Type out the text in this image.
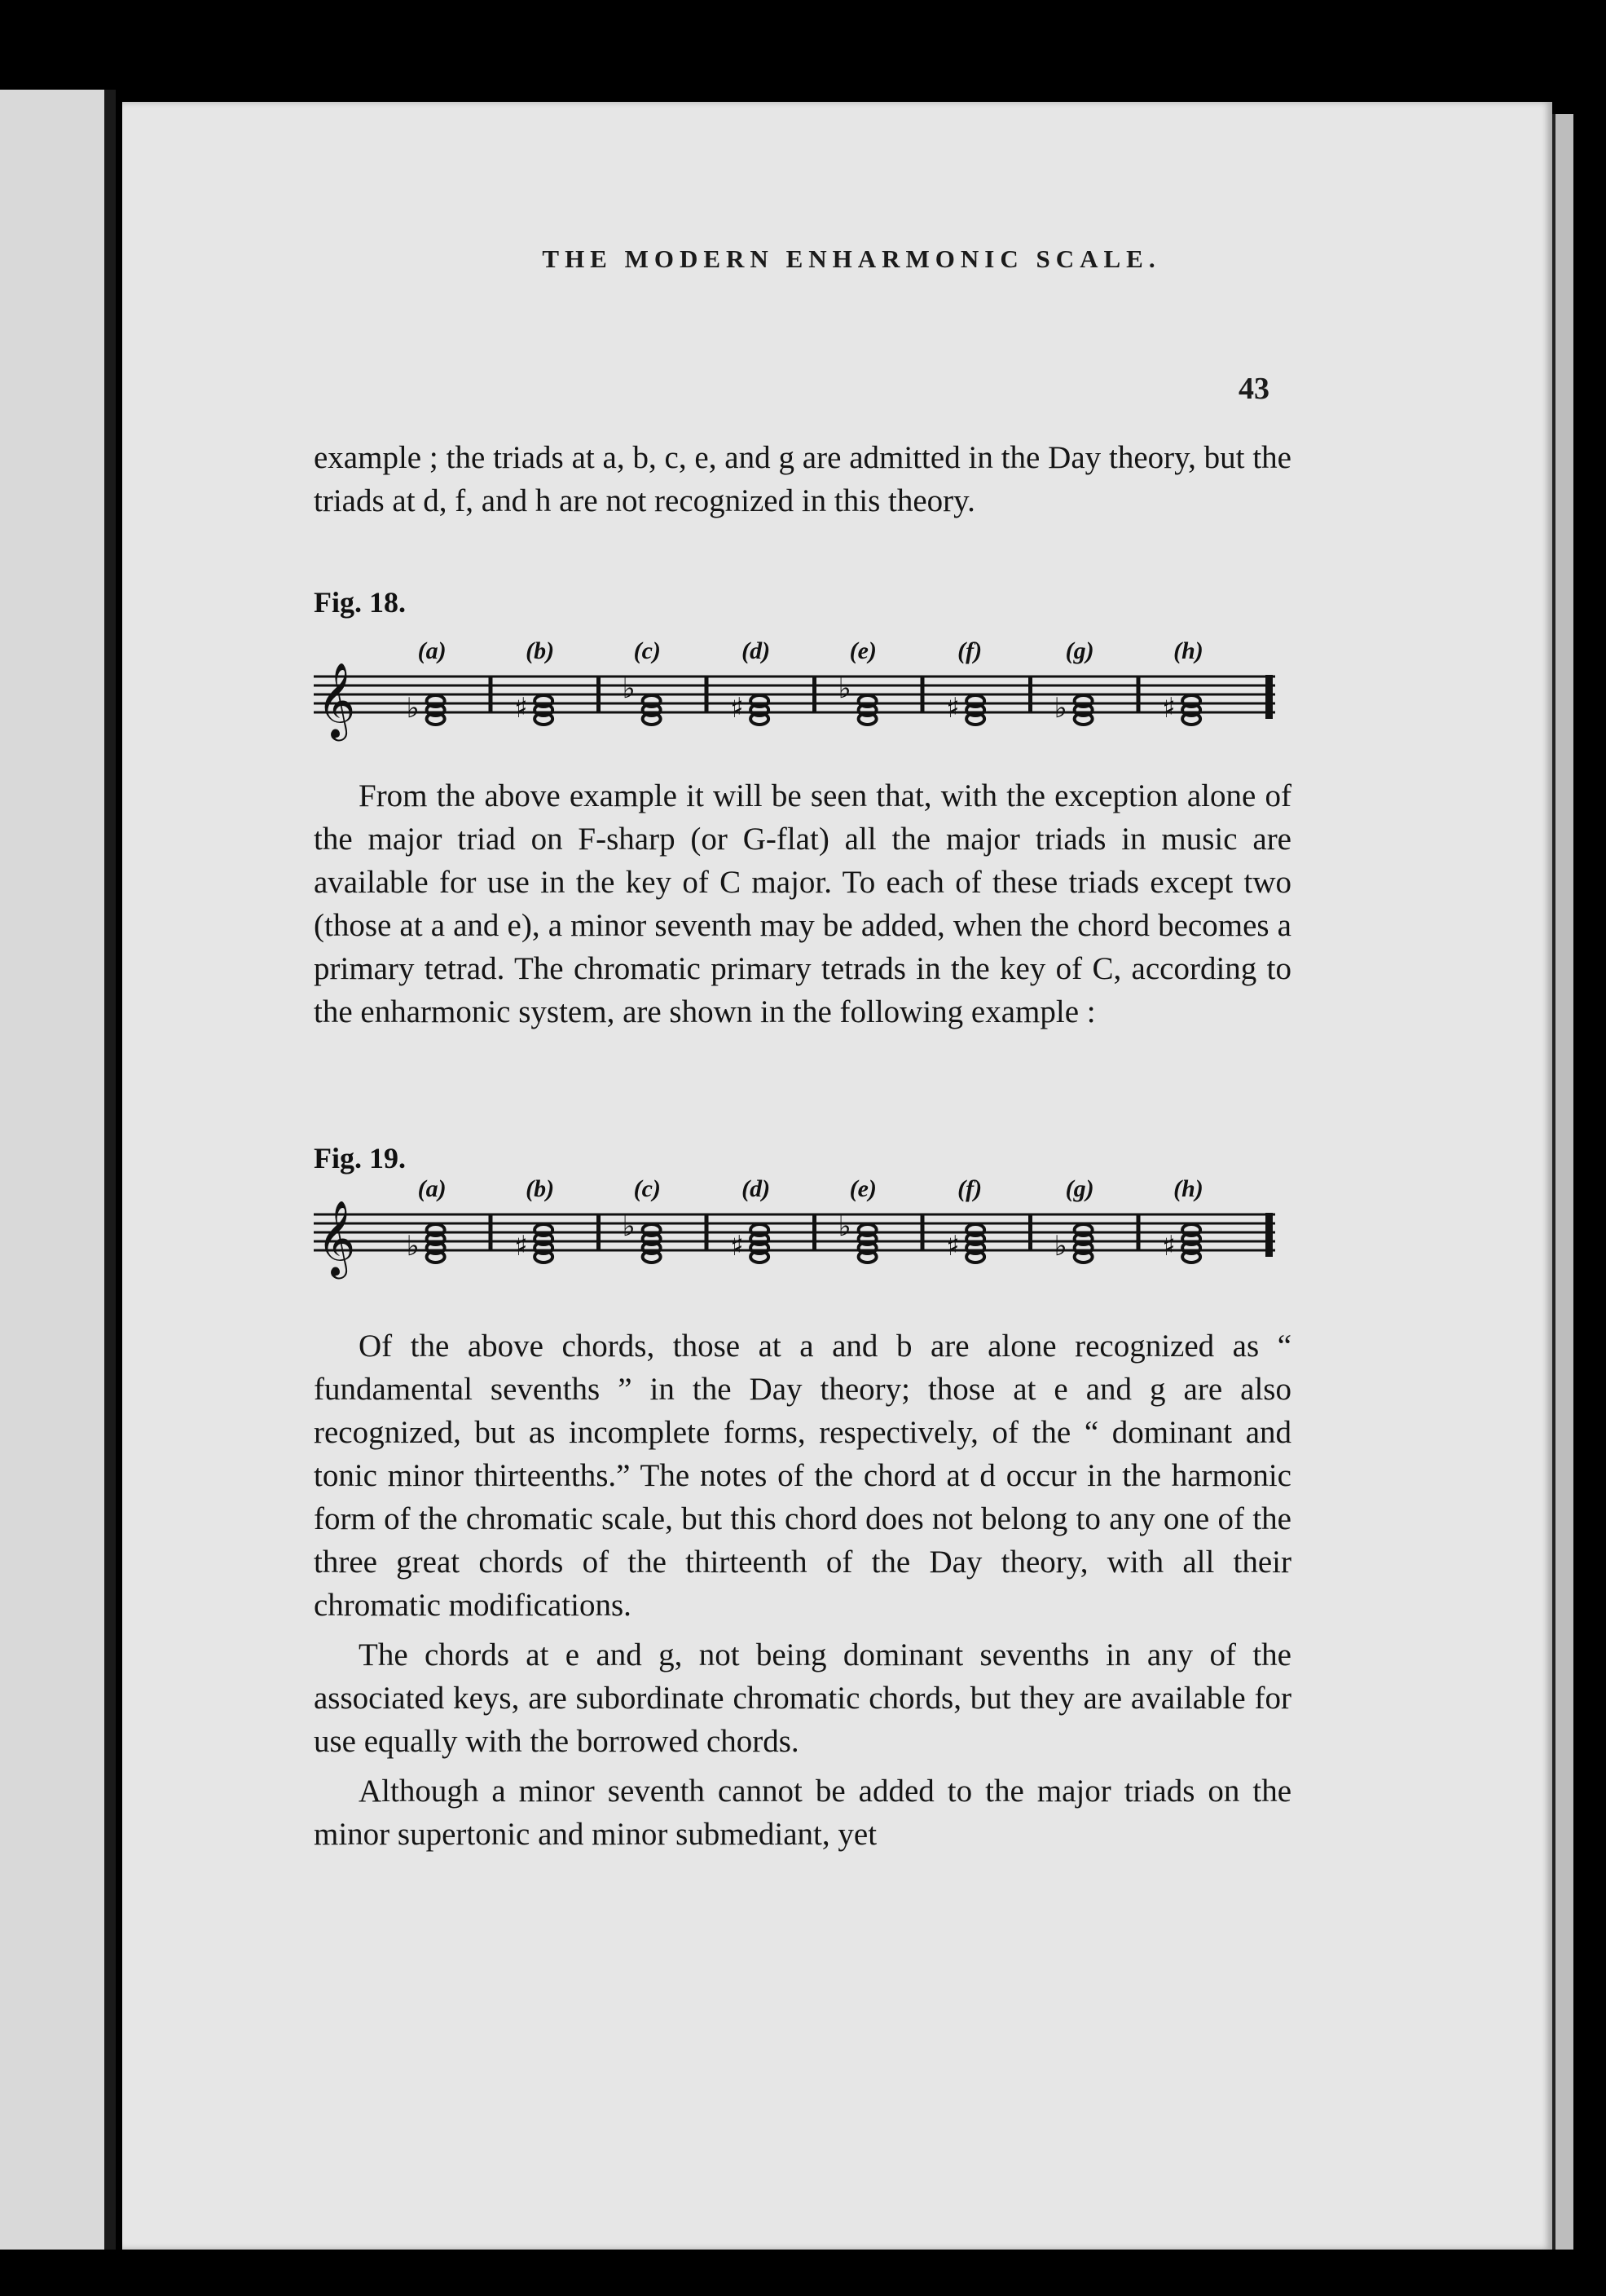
THE MODERN ENHARMONIC SCALE.
43

example ; the triads at a, b, c, e, and g are admitted in the Day theory, but the triads at d, f, and h are not recognized in this theory.

Fig. 18.
𝄞
(a)
♭
(b)
♯
(c)
♭
(d)
♯
(e)
♭
(f)
♯
(g)
♭
(h)
♯

From the above example it will be seen that, with the exception alone of the major triad on F-sharp (or G-flat) all the major triads in music are available for use in the key of C major. To each of these triads except two (those at a and e), a minor seventh may be added, when the chord becomes a primary tetrad. The chromatic primary tetrads in the key of C, according to the enharmonic system, are shown in the following example :

Fig. 19.
𝄞
(a)
♭
(b)
♯
(c)
♭
(d)
♯
(e)
♭
(f)
♯
(g)
♭
(h)
♯

Of the above chords, those at a and b are alone recognized as “ fundamental sevenths ” in the Day theory; those at e and g are also recognized, but as incomplete forms, respectively, of the “ dominant and tonic minor thirteenths.” The notes of the chord at d occur in the harmonic form of the chromatic scale, but this chord does not belong to any one of the three great chords of the thirteenth of the Day theory, with all their chromatic modifications.

The chords at e and g, not being dominant sevenths in any of the associated keys, are subordinate chromatic chords, but they are available for use equally with the borrowed chords.

Although a minor seventh cannot be added to the major triads on the minor supertonic and minor submediant, yet
